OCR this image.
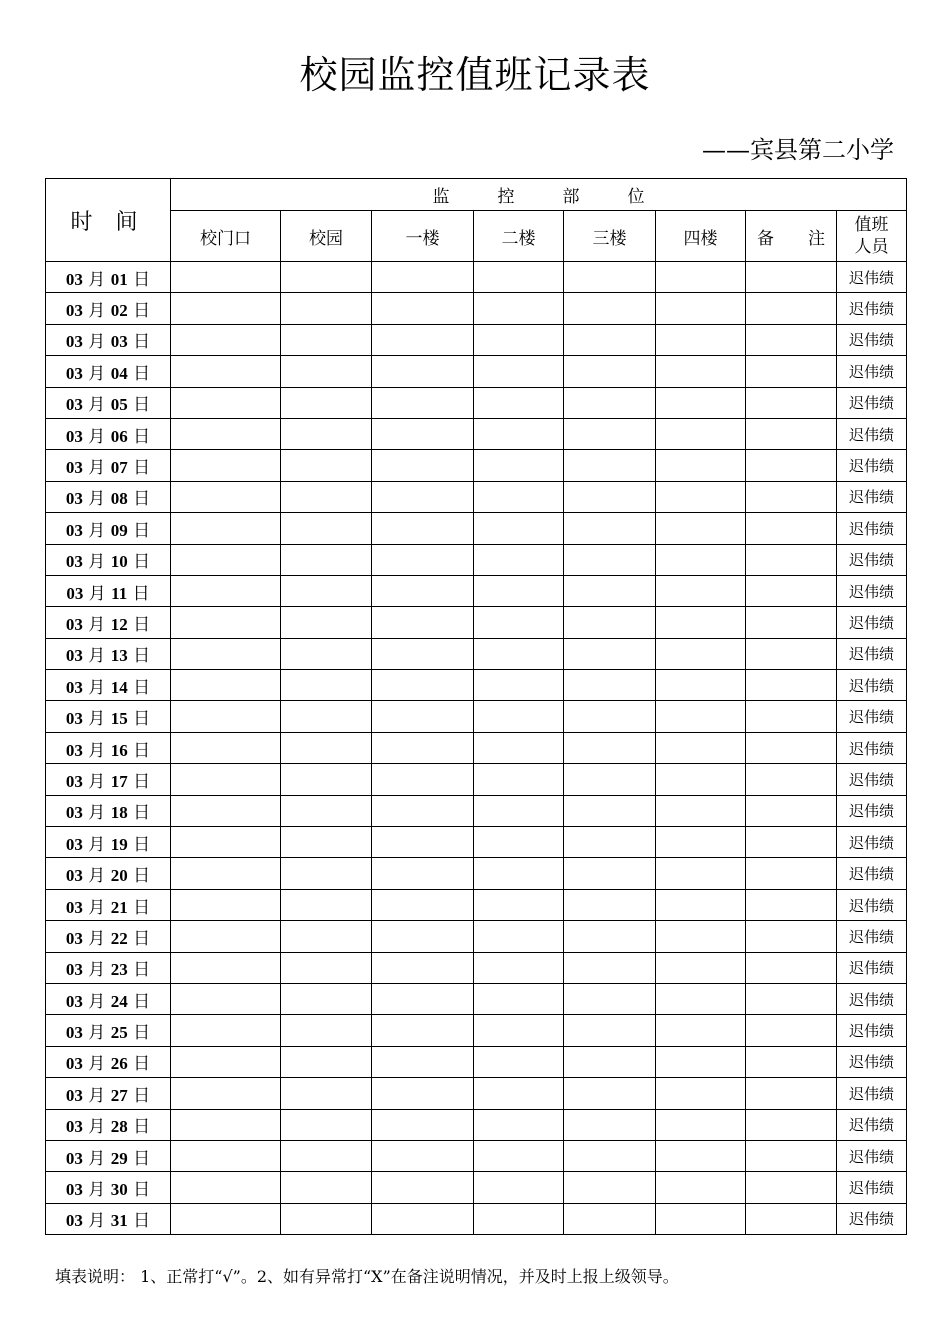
校园监控值班记录表
——宾县第二小学
时 间	监 控 部 位							
	校门口	校园	一楼	二楼	三楼	四楼	备　　注	值班
人员

03 月 01 日								迟伟绩
03 月 02 日								迟伟绩
03 月 03 日								迟伟绩
03 月 04 日								迟伟绩
03 月 05 日								迟伟绩
03 月 06 日								迟伟绩
03 月 07 日								迟伟绩
03 月 08 日								迟伟绩
03 月 09 日								迟伟绩
03 月 10 日								迟伟绩
03 月 11 日								迟伟绩
03 月 12 日								迟伟绩
03 月 13 日								迟伟绩
03 月 14 日								迟伟绩
03 月 15 日								迟伟绩
03 月 16 日								迟伟绩
03 月 17 日								迟伟绩
03 月 18 日								迟伟绩
03 月 19 日								迟伟绩
03 月 20 日								迟伟绩
03 月 21 日								迟伟绩
03 月 22 日								迟伟绩
03 月 23 日								迟伟绩
03 月 24 日								迟伟绩
03 月 25 日								迟伟绩
03 月 26 日								迟伟绩
03 月 27 日								迟伟绩
03 月 28 日								迟伟绩
03 月 29 日								迟伟绩
03 月 30 日								迟伟绩
03 月 31 日								迟伟绩
填表说明： 1、正常打“√”。2、如有异常打“X”在备注说明情况，并及时上报上级领导。
